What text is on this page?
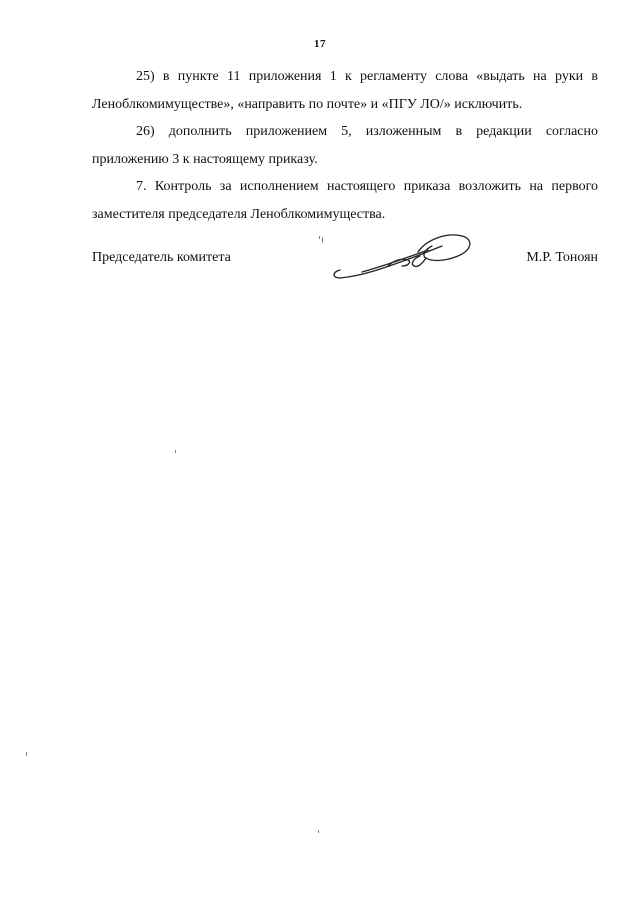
17

25) в пункте 11 приложения 1 к регламенту слова «выдать на руки в Леноблкомимуществе», «направить по почте» и «ПГУ ЛО/» исключить.

26) дополнить приложением 5, изложенным в редакции согласно приложению 3 к настоящему приказу.

7. Контроль за исполнением настоящего приказа возложить на первого заместителя председателя Леноблкомимущества.

Председатель комитета	М.Р. Тоноян
